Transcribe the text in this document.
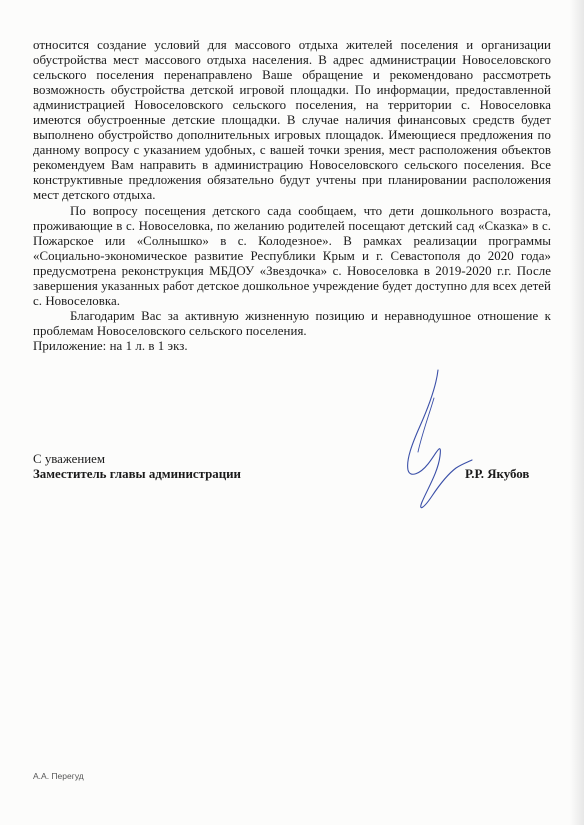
относится создание условий для массового отдыха жителей поселения и организации обустройства мест массового отдыха населения. В адрес администрации Новоселовского сельского поселения перенаправлено Ваше обращение и рекомендовано рассмотреть возможность обустройства детской игровой площадки. По информации, предоставленной администрацией Новоселовского сельского поселения, на территории с. Новоселовка имеются обустроенные детские площадки. В случае наличия финансовых средств будет выполнено обустройство дополнительных игровых площадок. Имеющиеся предложения по данному вопросу с указанием удобных, с вашей точки зрения, мест расположения объектов рекомендуем Вам направить в администрацию Новоселовского сельского поселения. Все конструктивные предложения обязательно будут учтены при планировании расположения мест детского отдыха.

По вопросу посещения детского сада сообщаем, что дети дошкольного возраста, проживающие в с. Новоселовка, по желанию родителей посещают детский сад «Сказка» в с. Пожарское или «Солнышко» в с. Колодезное». В рамках реализации программы «Социально-экономическое развитие Республики Крым и г. Севастополя до 2020 года» предусмотрена реконструкция МБДОУ «Звездочка» с. Новоселовка в 2019-2020 г.г. После завершения указанных работ детское дошкольное учреждение будет доступно для всех детей с. Новоселовка.

Благодарим Вас за активную жизненную позицию и неравнодушное отношение к проблемам Новоселовского сельского поселения.

Приложение: на 1 л. в 1 экз.

С уважением

Заместитель главы администрации	Р.Р. Якубов
А.А. Перегуд
